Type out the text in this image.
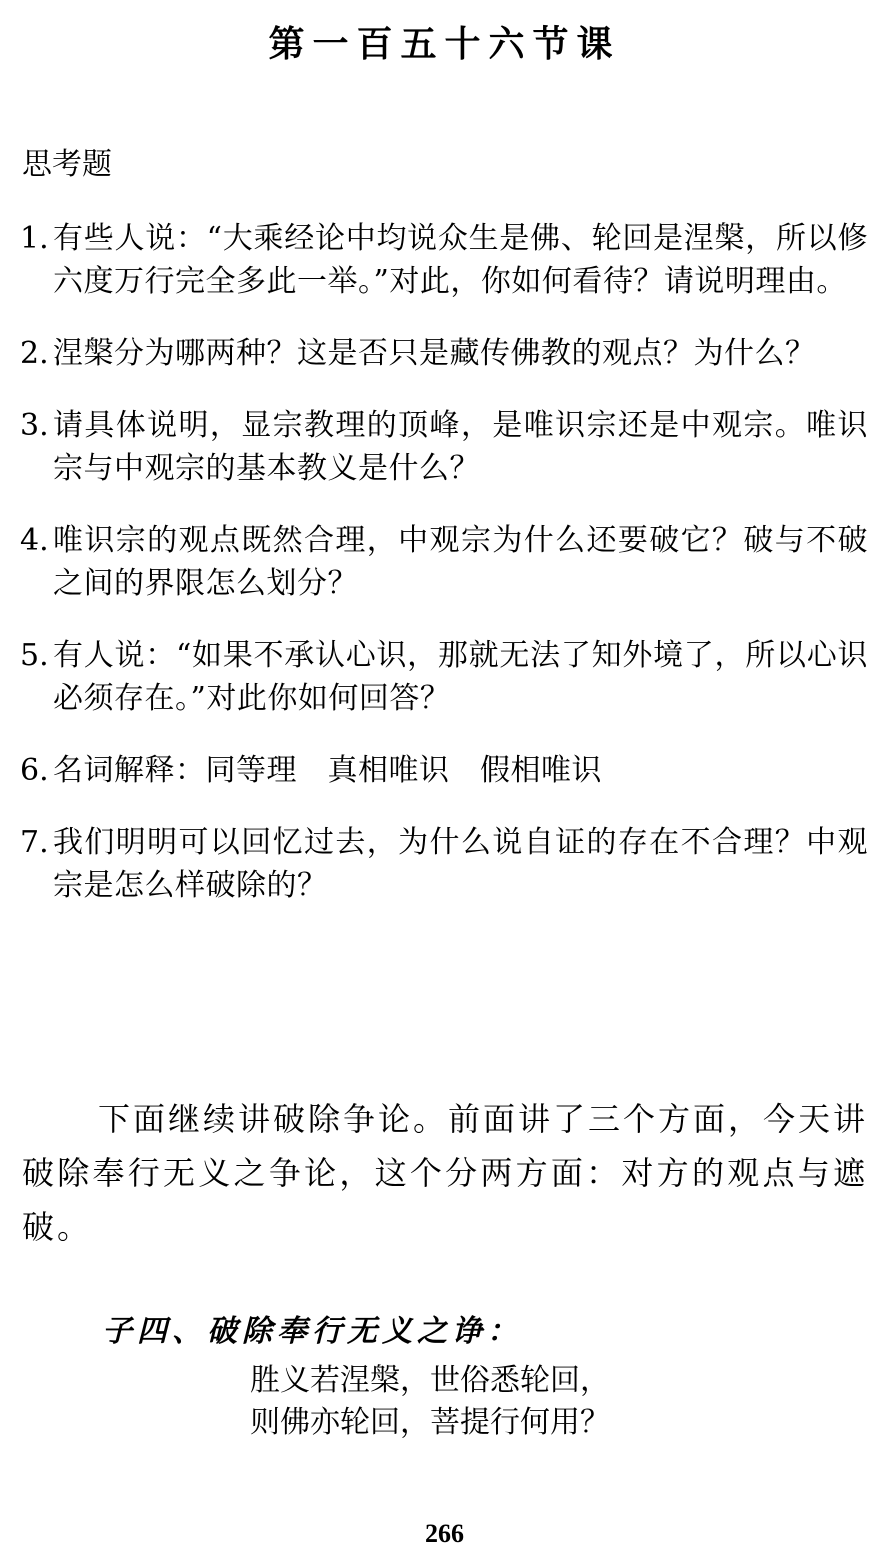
第一百五十六节课
思考题
1. 有些人说：“大乘经论中均说众生是佛、轮回是涅槃，所以修六度万行完全多此一举。”对此，你如何看待？请说明理由。
2. 涅槃分为哪两种？这是否只是藏传佛教的观点？为什么？
3. 请具体说明，显宗教理的顶峰，是唯识宗还是中观宗。唯识宗与中观宗的基本教义是什么？
4. 唯识宗的观点既然合理，中观宗为什么还要破它？破与不破之间的界限怎么划分？
5. 有人说：“如果不承认心识，那就无法了知外境了，所以心识必须存在。”对此你如何回答？
6. 名词解释：同等理　真相唯识　假相唯识
7. 我们明明可以回忆过去，为什么说自证的存在不合理？中观宗是怎么样破除的？

下面继续讲破除争论。前面讲了三个方面，今天讲破除奉行无义之争论，这个分两方面：对方的观点与遮破。

子四、破除奉行无义之诤：
胜义若涅槃，世俗悉轮回，
则佛亦轮回，菩提行何用？
266
